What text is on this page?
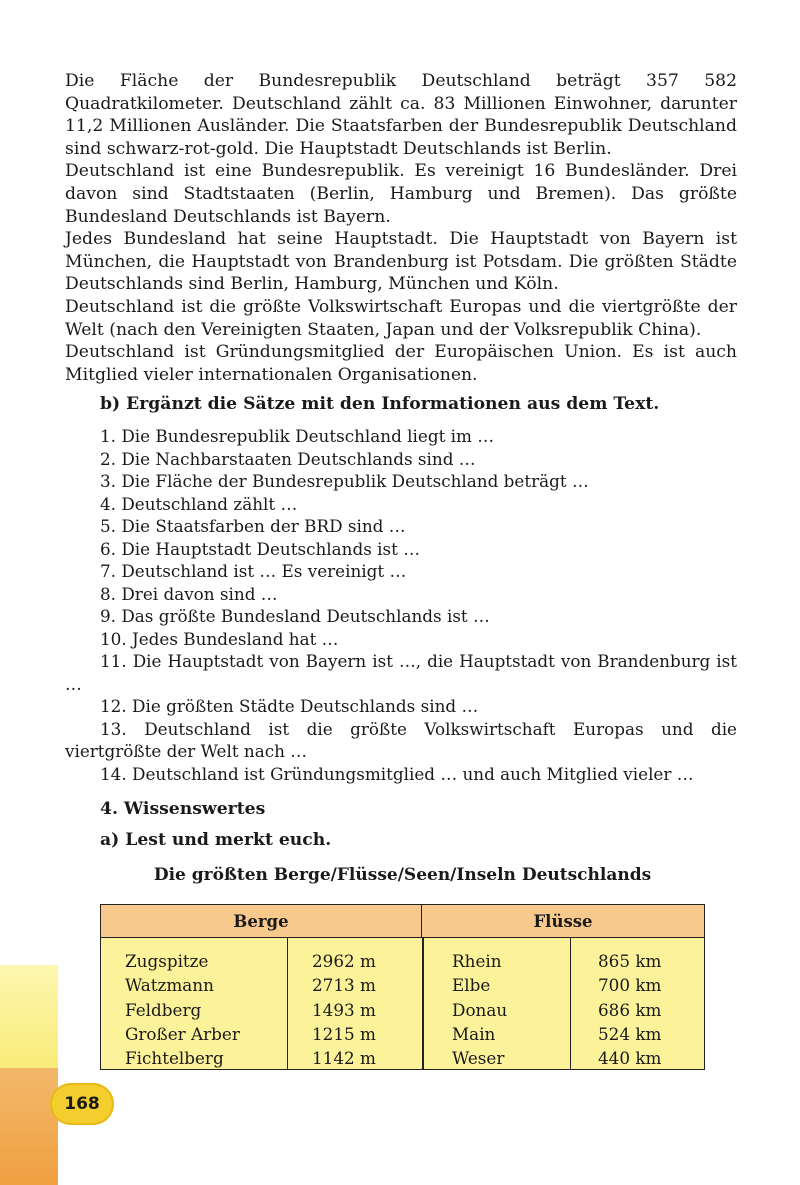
168

Die Fläche der Bundesrepublik Deutschland beträgt 357 582 Quadratkilometer. Deutschland zählt ca. 83 Millionen Einwohner, darunter 11,2 Millionen Ausländer. Die Staatsfarben der Bundesrepublik Deutschland sind schwarz-rot-gold. Die Hauptstadt Deutschlands ist Berlin.

Deutschland ist eine Bundesrepublik. Es vereinigt 16 Bundesländer. Drei davon sind Stadtstaaten (Berlin, Hamburg und Bremen). Das größte Bundesland Deutschlands ist Bayern.

Jedes Bundesland hat seine Hauptstadt. Die Hauptstadt von Bayern ist München, die Hauptstadt von Brandenburg ist Potsdam. Die größten Städte Deutschlands sind Berlin, Hamburg, München und Köln.

Deutschland ist die größte Volkswirtschaft Europas und die viertgrößte der Welt (nach den Vereinigten Staaten, Japan und der Volksrepublik China).

Deutschland ist Gründungsmitglied der Europäischen Union. Es ist auch Mitglied vieler internationalen Organisationen.

b) Ergänzt die Sätze mit den Informationen aus dem Text.
1. Die Bundesrepublik Deutschland liegt im …
2. Die Nachbarstaaten Deutschlands sind …
3. Die Fläche der Bundesrepublik Deutschland beträgt …
4. Deutschland zählt …
5. Die Staatsfarben der BRD sind …
6. Die Hauptstadt Deutschlands ist …
7. Deutschland ist … Es vereinigt …
8. Drei davon sind …
9. Das größte Bundesland Deutschlands ist …
10. Jedes Bundesland hat …
11. Die Hauptstadt von Bayern ist …, die Hauptstadt von Brandenburg ist …
12. Die größten Städte Deutschlands sind …
13. Deutschland ist die größte Volkswirtschaft Europas und die viertgrößte der Welt nach …
14. Deutschland ist Gründungsmitglied … und auch Mitglied vieler …
4. Wissenswertes
a) Lest und merkt euch.
Die größten Berge/Flüsse/Seen/Inseln Deutschlands
Berge	Flüsse
Zugspitze
Watzmann
Feldberg
Großer Arber
Fichtelberg
2962 m
2713 m
1493 m
1215 m
1142 m
Rhein
Elbe
Donau
Main
Weser
865 km
700 km
686 km
524 km
440 km
